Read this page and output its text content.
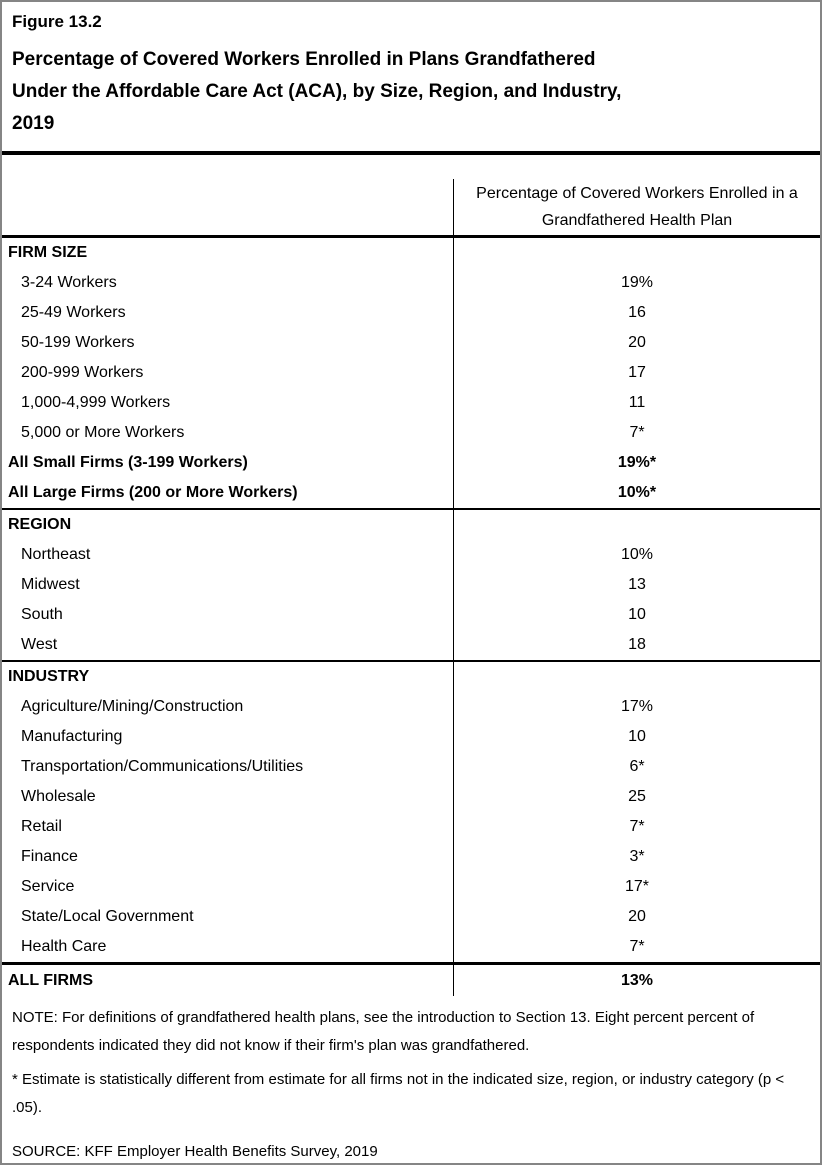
Figure 13.2
Percentage of Covered Workers Enrolled in Plans Grandfathered
Under the Affordable Care Act (ACA), by Size, Region, and Industry,
2019
Percentage of Covered Workers Enrolled in a Grandfathered Health Plan
FIRM SIZE
3-24 Workers	19%
25-49 Workers	16
50-199 Workers	20
200-999 Workers	17
1,000-4,999 Workers	11
5,000 or More Workers	7*
All Small Firms (3-199 Workers)	19%*
All Large Firms (200 or More Workers)	10%*
REGION
Northeast	10%
Midwest	13
South	10
West	18
INDUSTRY
Agriculture/Mining/Construction	17%
Manufacturing	10
Transportation/Communications/Utilities	6*
Wholesale	25
Retail	7*
Finance	3*
Service	17*
State/Local Government	20
Health Care	7*
ALL FIRMS	13%

NOTE: For definitions of grandfathered health plans, see the introduction to Section 13. Eight percent percent of respondents indicated they did not know if their firm's plan was grandfathered.

* Estimate is statistically different from estimate for all firms not in the indicated size, region, or industry category (p < .05).

SOURCE: KFF Employer Health Benefits Survey, 2019
